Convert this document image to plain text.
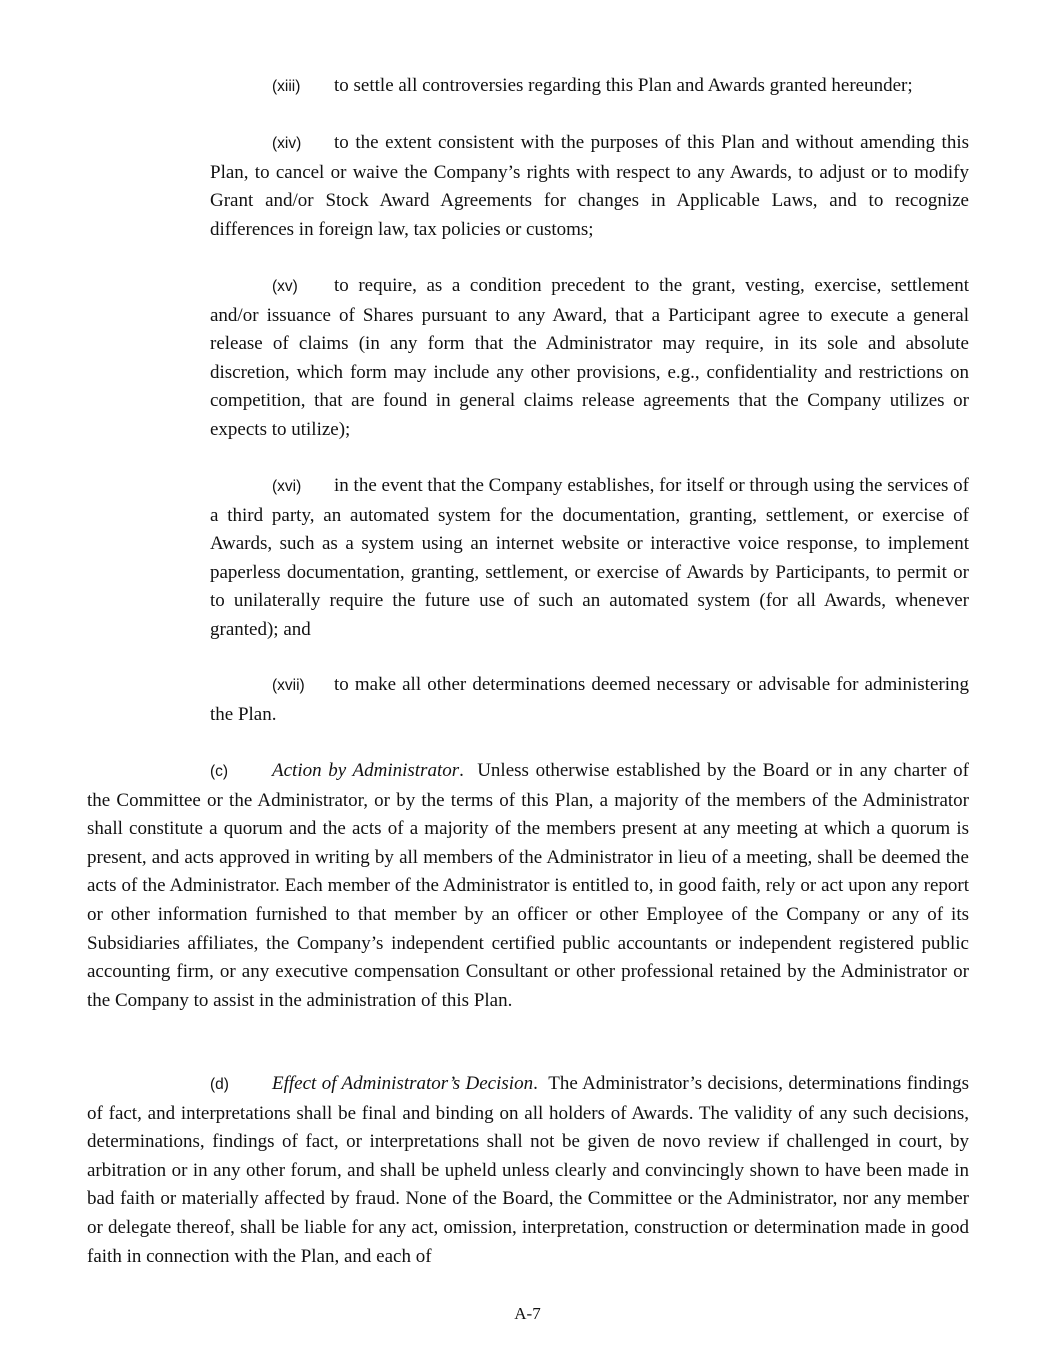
(xiii) to settle all controversies regarding this Plan and Awards granted hereunder;

(xiv) to the extent consistent with the purposes of this Plan and without amending this Plan, to cancel or waive the Company’s rights with respect to any Awards, to adjust or to modify Grant and/or Stock Award Agreements for changes in Applicable Laws, and to recognize differences in foreign law, tax policies or customs;

(xv) to require, as a condition precedent to the grant, vesting, exercise, settlement and/or issuance of Shares pursuant to any Award, that a Participant agree to execute a general release of claims (in any form that the Administrator may require, in its sole and absolute discretion, which form may include any other provisions, e.g., confidentiality and restrictions on competition, that are found in general claims release agreements that the Company utilizes or expects to utilize);

(xvi) in the event that the Company establishes, for itself or through using the services of a third party, an automated system for the documentation, granting, settlement, or exercise of Awards, such as a system using an internet website or interactive voice response, to implement paperless documentation, granting, settlement, or exercise of Awards by Participants, to permit or to unilaterally require the future use of such an automated system (for all Awards, whenever granted); and

(xvii) to make all other determinations deemed necessary or advisable for administering the Plan.

(c) Action by Administrator.  Unless otherwise established by the Board or in any charter of the Committee or the Administrator, or by the terms of this Plan, a majority of the members of the Administrator shall constitute a quorum and the acts of a majority of the members present at any meeting at which a quorum is present, and acts approved in writing by all members of the Administrator in lieu of a meeting, shall be deemed the acts of the Administrator. Each member of the Administrator is entitled to, in good faith, rely or act upon any report or other information furnished to that member by an officer or other Employee of the Company or any of its Subsidiaries affiliates, the Company’s independent certified public accountants or independent registered public accounting firm, or any executive compensation Consultant or other professional retained by the Administrator or the Company to assist in the administration of this Plan.

(d) Effect of Administrator’s Decision.  The Administrator’s decisions, determinations findings of fact, and interpretations shall be final and binding on all holders of Awards. The validity of any such decisions, determinations, findings of fact, or interpretations shall not be given de novo review if challenged in court, by arbitration or in any other forum, and shall be upheld unless clearly and convincingly shown to have been made in bad faith or materially affected by fraud. None of the Board, the Committee or the Administrator, nor any member or delegate thereof, shall be liable for any act, omission, interpretation, construction or determination made in good faith in connection with the Plan, and each of

A-7
